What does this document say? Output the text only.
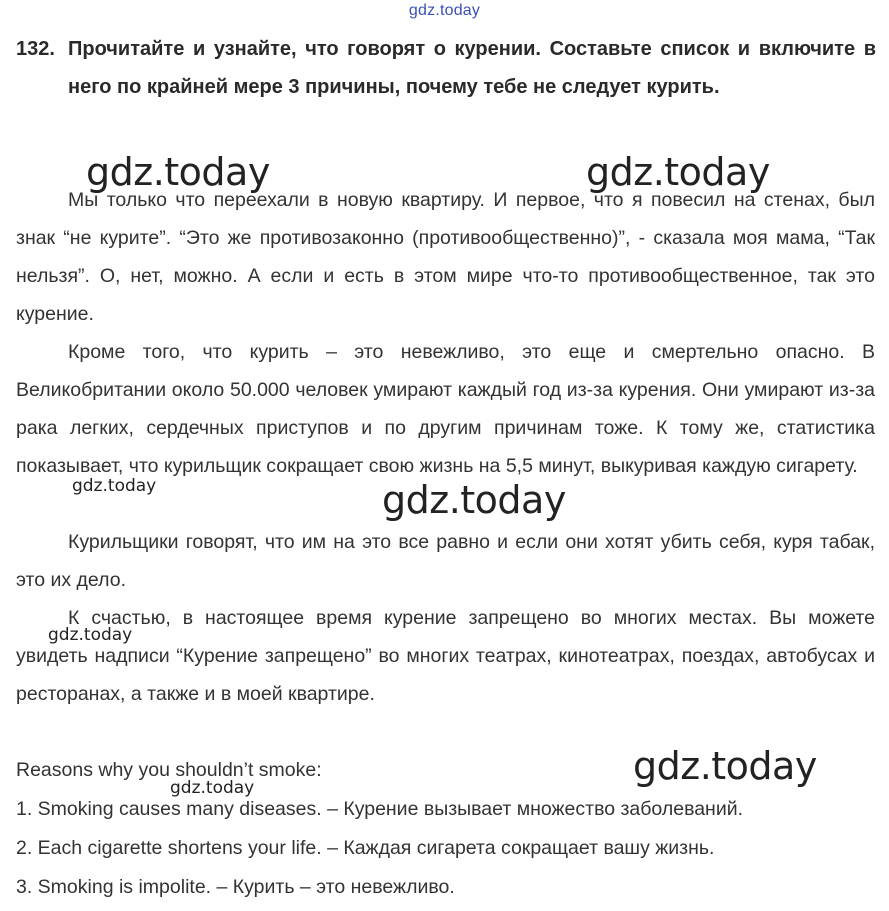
gdz.today
132. Прочитайте и узнайте, что говорят о курении. Составьте список и включите в него по крайней мере 3 причины, почему тебе не следует курить.
Мы только что переехали в новую квартиру. И первое, что я повесил на стенах, был знак “не курите”. “Это же противозаконно (противообщественно)”, - сказала моя мама, “Так нельзя”. О, нет, можно. А если и есть в этом мире что-то противообщественное, так это курение.
Кроме того, что курить – это невежливо, это еще и смертельно опасно. В Великобритании около 50.000 человек умирают каждый год из-за курения. Они умирают из-за рака легких, сердечных приступов и по другим причинам тоже. К тому же, статистика показывает, что курильщик сокращает свою жизнь на 5,5 минут, выкуривая каждую сигарету.
Курильщики говорят, что им на это все равно и если они хотят убить себя, куря табак, это их дело.
К счастью, в настоящее время курение запрещено во многих местах. Вы можете увидеть надписи “Курение запрещено” во многих театрах, кинотеатрах, поездах, автобусах и ресторанах, а также и в моей квартире.
Reasons why you shouldn’t smoke:
1. Smoking causes many diseases. – Курение вызывает множество заболеваний.
2. Each cigarette shortens your life. – Каждая сигарета сокращает вашу жизнь.
3. Smoking is impolite. – Курить – это невежливо.
gdz.today	gdz.today
gdz.today	gdz.today
gdz.today
gdz.today
gdz.today
